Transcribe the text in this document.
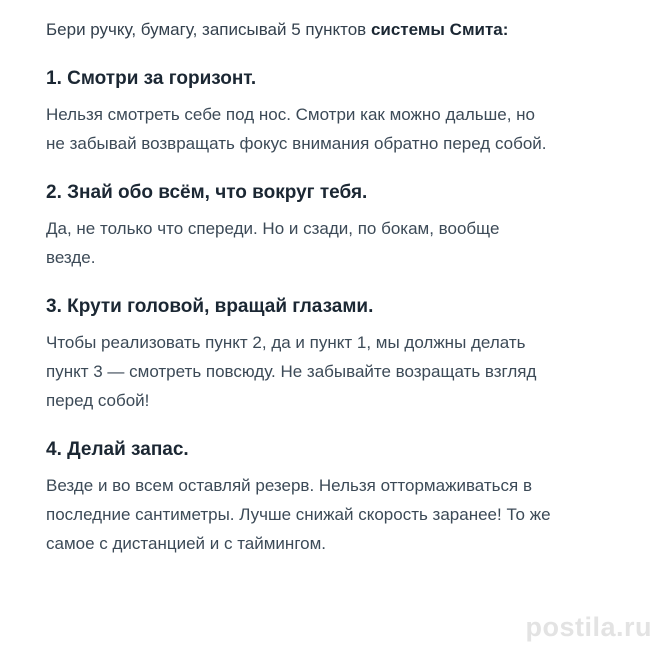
Бери ручку, бумагу, записывай 5 пунктов системы Смита:

1. Смотри за горизонт.

Нельзя смотреть себе под нос. Смотри как можно дальше, но не забывай возвращать фокус внимания обратно перед собой.

2. Знай обо всём, что вокруг тебя.

Да, не только что спереди. Но и сзади, по бокам, вообще везде.

3. Крути головой, вращай глазами.

Чтобы реализовать пункт 2, да и пункт 1, мы должны делать пункт 3 — смотреть повсюду. Не забывайте возращать взгляд перед собой!

4. Делай запас.

Везде и во всем оставляй резерв. Нельзя оттормаживаться в последние сантиметры. Лучше снижай скорость заранее! То же самое с дистанцией и с таймингом.

postila.ru
